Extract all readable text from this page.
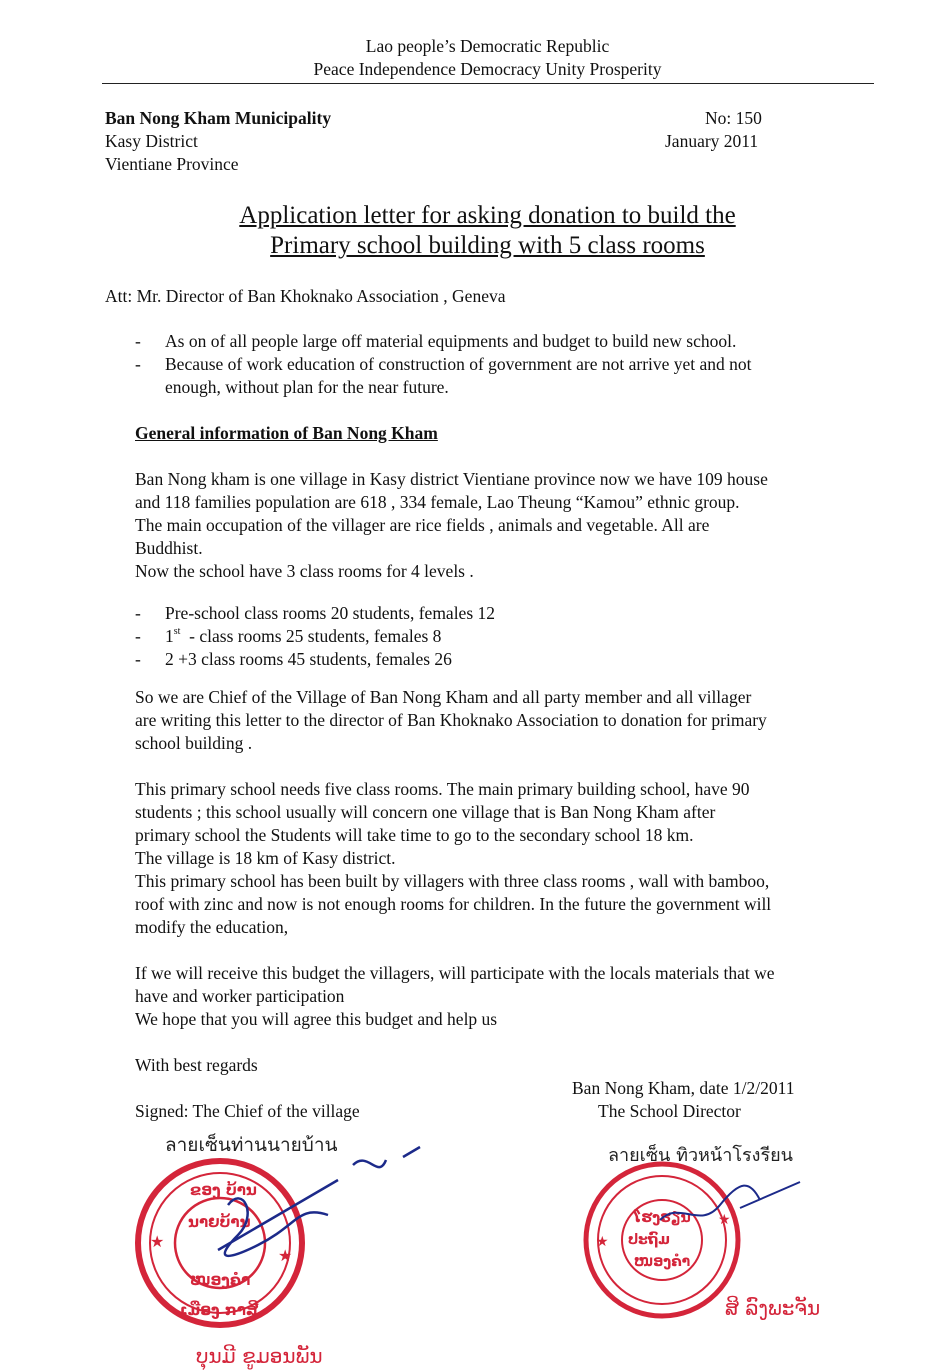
Lao people’s Democratic Republic
Peace Independence Democracy Unity Prosperity
Ban Nong Kham Municipality
Kasy District
Vientiane Province
No: 150
January 2011
Application letter for asking donation to build the
Primary school building with 5 class rooms
Att: Mr. Director of Ban Khoknako Association , Geneva
-	As on of all people large off material equipments and budget to build new school.
-	Because of work education of construction of government are not arrive yet and not
enough, without plan for the near future.
General information of Ban Nong Kham
Ban Nong kham is one village in Kasy district Vientiane province now we have 109 house
and 118 families population are 618 , 334 female, Lao Theung “Kamou” ethnic group.
The main occupation of the villager are rice fields , animals and vegetable. All are
Buddhist.
Now the school have 3 class rooms for 4 levels .
-	Pre-school class rooms 20 students, females 12
-	1st  - class rooms 25 students, females 8
-	2 +3 class rooms 45 students, females 26
So we are Chief of the Village of Ban Nong Kham and all party member and all villager
are writing this letter to the director of Ban Khoknako Association to donation for primary
school building .
This primary school needs five class rooms. The main primary building school, have 90
students ; this school usually will concern one village that is Ban Nong Kham after
primary school the Students will take time to go to the secondary school 18 km.
The village is 18 km of Kasy district.
This primary school has been built by villagers with three class rooms , wall with bamboo,
roof with zinc and now is not enough rooms for children. In the future the government will
modify the education,
If we will receive this budget the villagers, will participate with the locals materials that we
have and worker participation
We hope that you will agree this budget and help us
With best regards
Ban Nong Kham, date 1/2/2011
Signed: The Chief of the village	The School Director
ลายเซ็นท่านนายบ้าน	ลายเซ็น ทิวหน้าโรงรียน
★
★
ຂອງ ບ້ານ
ນາຍບ້ານ
ໜອງຄຳ
ເມືອງ ກາສີ
ບຸນມີ ຂູມອນພັນ
★
★
ໂຮງຮຽນ
ປະຖົມ
ໜອງຄຳ
ສິ ລົງພະຈັນ
